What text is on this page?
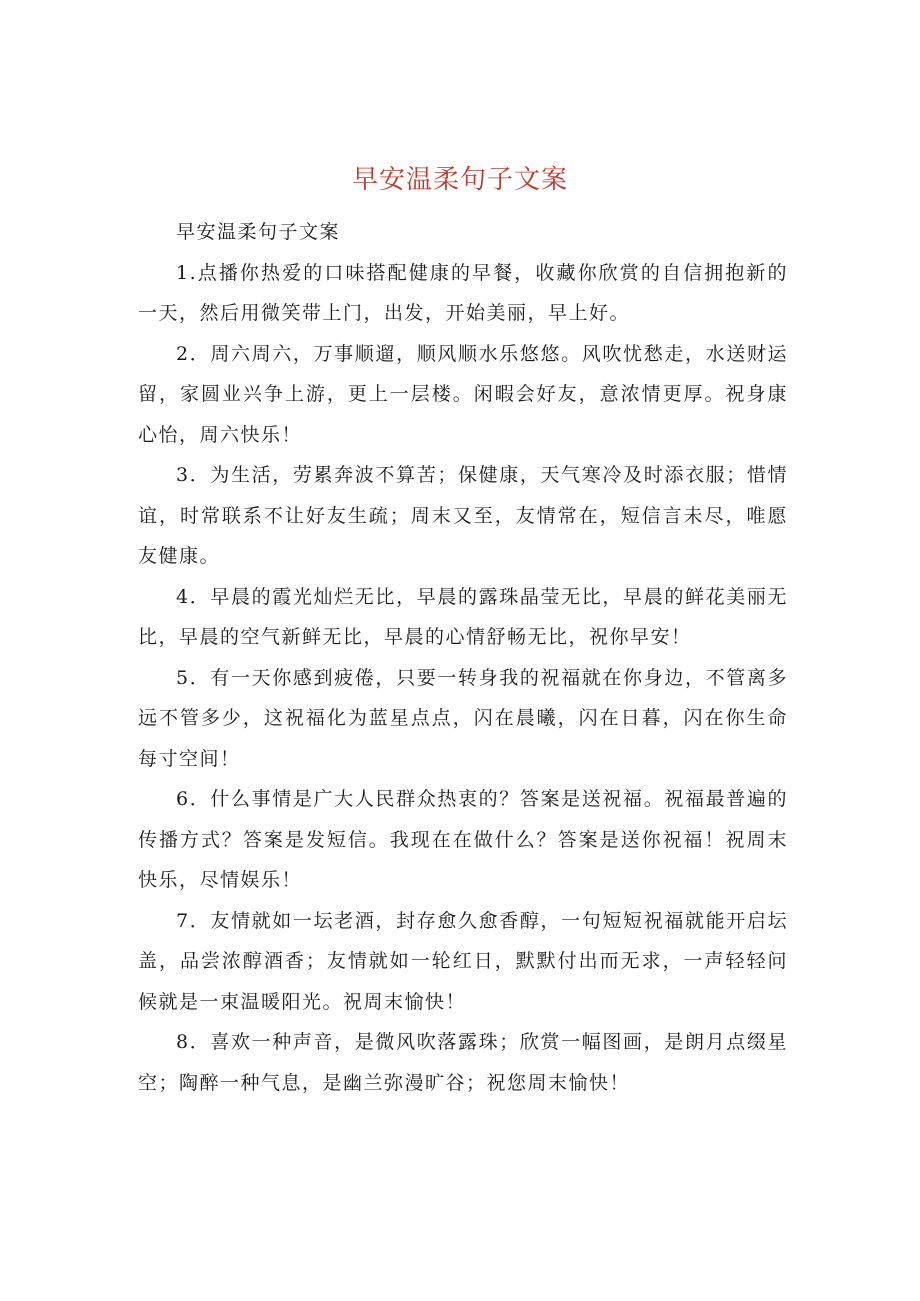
早安温柔句子文案

早安温柔句子文案

1.点播你热爱的口味搭配健康的早餐，收藏你欣赏的自信拥抱新的一天，然后用微笑带上门，出发，开始美丽，早上好。

2．周六周六，万事顺遛，顺风顺水乐悠悠。风吹忧愁走，水送财运留，家圆业兴争上游，更上一层楼。闲暇会好友，意浓情更厚。祝身康心怡，周六快乐！

3．为生活，劳累奔波不算苦；保健康，天气寒冷及时添衣服；惜情谊，时常联系不让好友生疏；周末又至，友情常在，短信言未尽，唯愿友健康。

4．早晨的霞光灿烂无比，早晨的露珠晶莹无比，早晨的鲜花美丽无比，早晨的空气新鲜无比，早晨的心情舒畅无比，祝你早安！

5．有一天你感到疲倦，只要一转身我的祝福就在你身边，不管离多远不管多少，这祝福化为蓝星点点，闪在晨曦，闪在日暮，闪在你生命每寸空间！

6．什么事情是广大人民群众热衷的？答案是送祝福。祝福最普遍的传播方式？答案是发短信。我现在在做什么？答案是送你祝福！祝周末快乐，尽情娱乐！

7．友情就如一坛老酒，封存愈久愈香醇，一句短短祝福就能开启坛盖，品尝浓醇酒香；友情就如一轮红日，默默付出而无求，一声轻轻问候就是一束温暖阳光。祝周末愉快！

8．喜欢一种声音，是微风吹落露珠；欣赏一幅图画，是朗月点缀星空；陶醉一种气息，是幽兰弥漫旷谷；祝您周末愉快！
